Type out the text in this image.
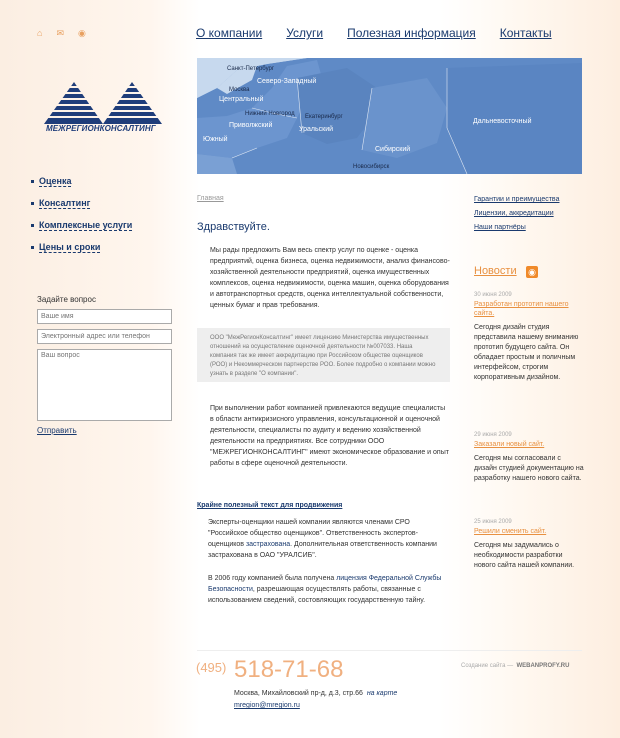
⌂ ✉ ◉	О компании Услуги Полезная информация Контакты
МЕЖРЕГИОНКОНСАЛТИНГ
Санкт-Петербург
Северо-Западный
Москва
Центральный
Нижний Новгород
Приволжский
Екатеринбург
Уральский
Южный
Сибирский
Новосибирск
Дальневосточный
Оценка
Консалтинг
Комплексные услуги
Цены и сроки
Задайте вопрос
Ваше имя
Электронный адрес или телефон
Ваш вопрос
Отправить
Главная
Здравствуйте.
Мы рады предложить Вам весь спектр услуг по оценке - оценка предприятий, оценка бизнеса, оценка недвижимости, анализ финансово-хозяйственной деятельности предприятий, оценка имущественных комплексов, оценка недвижимости, оценка машин, оценка оборудования и автотранспортных средств, оценка интеллектуальной собственности, ценных бумаг и прав требования.
ООО "МежРегионКонсалтинг" имеет лицензию Министерства имущественных отношений на осуществление оценочной деятельности №007033. Наша компания так же имеет аккредитацию при Российском обществе оценщиков (РОО) и Некоммерческом партнерстве РОО. Более подробно о компании можно узнать в разделе "О компании".
При выполнении работ компанией привлекаются ведущие специалисты в области антикризисного управления, консультационной и оценочной деятельности, специалисты по аудиту и ведению хозяйственной деятельности на предприятиях. Все сотрудники ООО "МЕЖРЕГИОНКОНСАЛТИНГ" имеют экономическое образование и опыт работы в сфере оценочной деятельности.
Крайне полезный текст для продвижения
Эксперты-оценщики нашей компании являются членами СРО "Российское общество оценщиков". Ответственность экспертов-оценщиков застрахована. Дополнительная ответственность компании застрахована в ОАО "УРАЛСИБ".
В 2006 году компанией была получена лицензия Федеральной Службы Безопасности, разрешающая осуществлять работы, связанные с использованием сведений, состовляющих государственную тайну.
Гарантии и преимущества
Лицензии, аккредитации
Наши партнёры
Новости ◉
30 июня 2009
Разработан прототип нашего сайта.
Сегодня дизайн студия представила нашему вниманию прототип будущего сайта. Он обладает простым и поличным интерфейсом, строгим корпоративным дизайном.
29 июня 2009
Заказали новый сайт.
Сегодня мы согласовали с дизайн студией документацию на разработку нашего нового сайта.
25 июня 2009
Решили сменить сайт.
Сегодня мы задумались о необходимости разработки нового сайта нашей компании.
(495) 518-71-68
Москва, Михайловский пр-д, д.3, стр.66 на карте
mregion@mregion.ru
Создание сайта — WEBANPROFY.RU
